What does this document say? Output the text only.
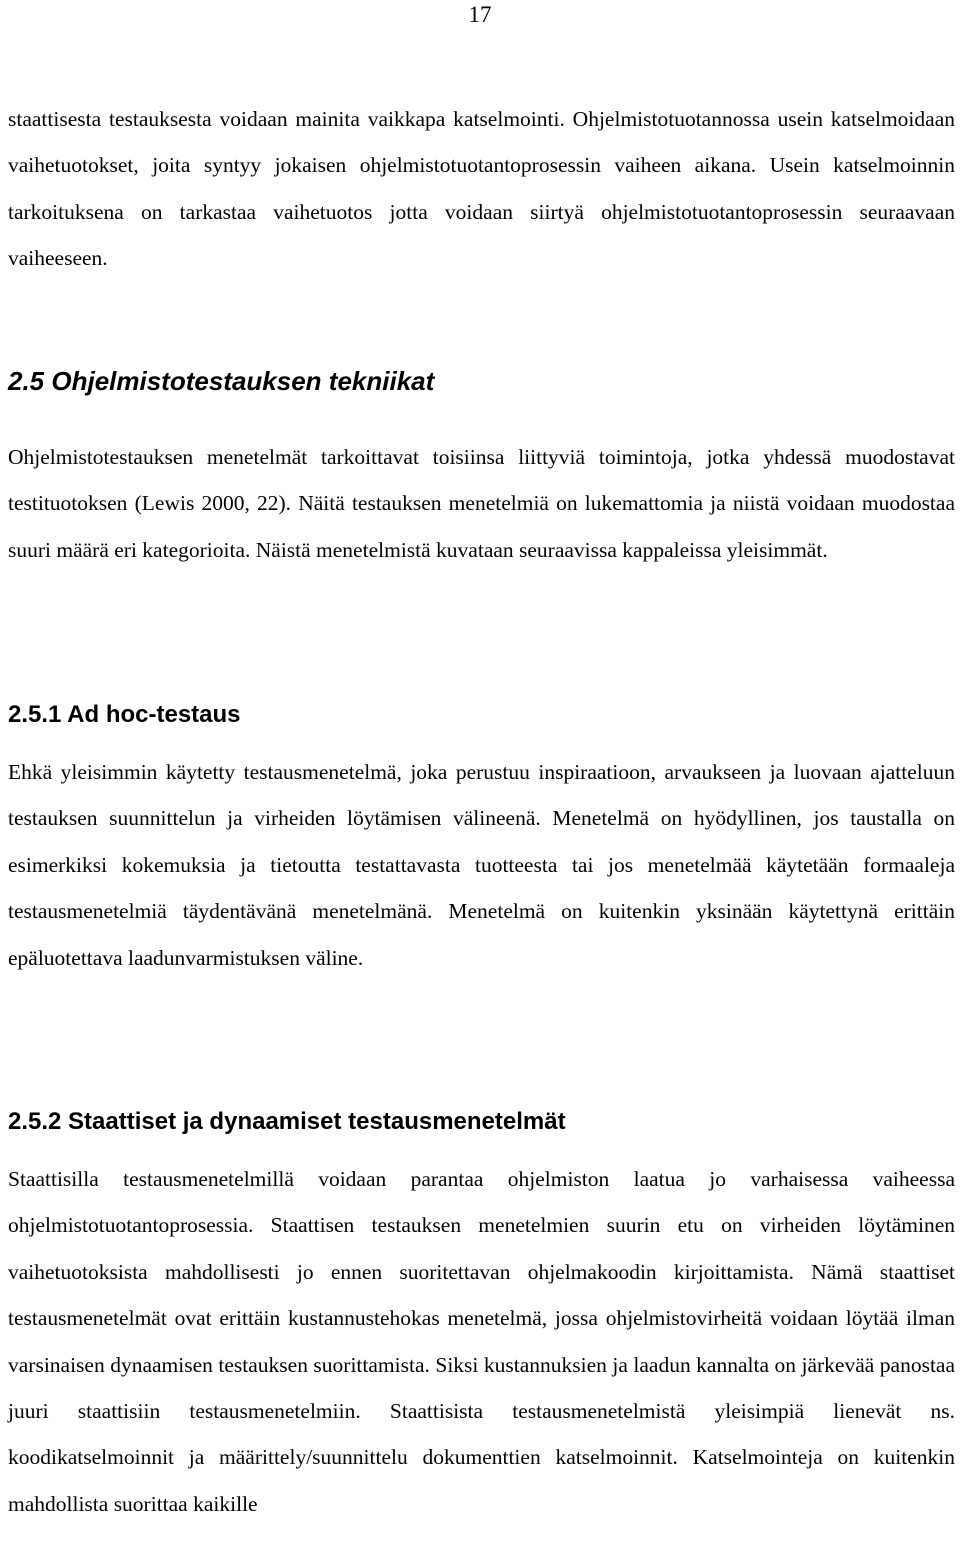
17

staattisesta testauksesta voidaan mainita vaikkapa katselmointi. Ohjelmistotuotannossa usein katselmoidaan vaihetuotokset, joita syntyy jokaisen ohjelmistotuotantoprosessin vaiheen aikana. Usein katselmoinnin tarkoituksena on tarkastaa vaihetuotos jotta voidaan siirtyä ohjelmistotuotantoprosessin seuraavaan vaiheeseen.

2.5 Ohjelmistotestauksen tekniikat

Ohjelmistotestauksen menetelmät tarkoittavat toisiinsa liittyviä toimintoja, jotka yhdessä muodostavat testituotoksen (Lewis 2000, 22). Näitä testauksen menetelmiä on lukemattomia ja niistä voidaan muodostaa suuri määrä eri kategorioita. Näistä menetelmistä kuvataan seuraavissa kappaleissa yleisimmät.

2.5.1 Ad hoc-testaus

Ehkä yleisimmin käytetty testausmenetelmä, joka perustuu inspiraatioon, arvaukseen ja luovaan ajatteluun testauksen suunnittelun ja virheiden löytämisen välineenä. Menetelmä on hyödyllinen, jos taustalla on esimerkiksi kokemuksia ja tietoutta testattavasta tuotteesta tai jos menetelmää käytetään formaaleja testausmenetelmiä täydentävänä menetelmänä. Menetelmä on kuitenkin yksinään käytettynä erittäin epäluotettava laadunvarmistuksen väline.

2.5.2 Staattiset ja dynaamiset testausmenetelmät

Staattisilla testausmenetelmillä voidaan parantaa ohjelmiston laatua jo varhaisessa vaiheessa ohjelmistotuotantoprosessia. Staattisen testauksen menetelmien suurin etu on virheiden löytäminen vaihetuotoksista mahdollisesti jo ennen suoritettavan ohjelmakoodin kirjoittamista. Nämä staattiset testausmenetelmät ovat erittäin kustannustehokas menetelmä, jossa ohjelmistovirheitä voidaan löytää ilman varsinaisen dynaamisen testauksen suorittamista. Siksi kustannuksien ja laadun kannalta on järkevää panostaa juuri staattisiin testausmenetelmiin. Staattisista testausmenetelmistä yleisimpiä lienevät ns. koodikatselmoinnit ja määrittely/suunnittelu dokumenttien katselmoinnit. Katselmointeja on kuitenkin mahdollista suorittaa kaikille
